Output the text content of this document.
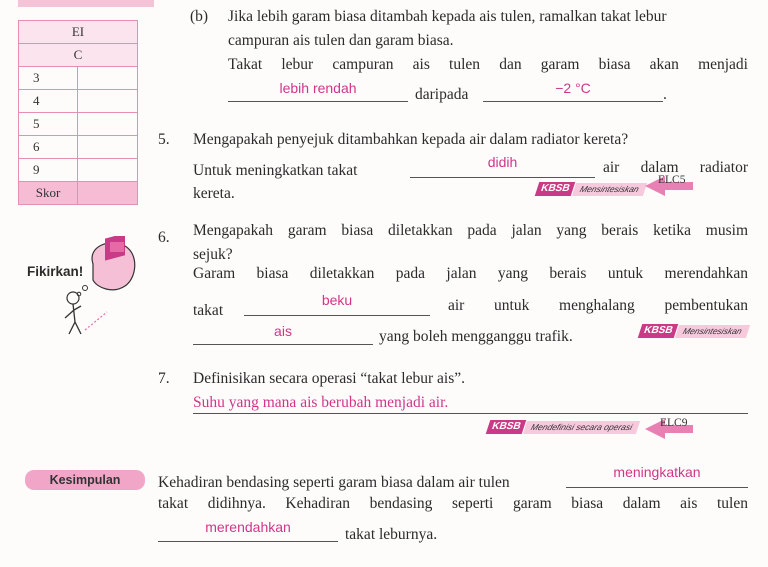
EI	
C	
3	
4	
5	
6	
9	
Skor	
(b) Jika lebih garam biasa ditambah kepada ais tulen, ramalkan takat lebur
campuran ais tulen dan garam biasa.
Takat lebur campuran ais tulen dan garam biasa akan menjadi
lebih rendah	daripada	−2 °C	.
5. Mengapakah penyejuk ditambahkan kepada air dalam radiator kereta?
Untuk meningkatkan takat	didih	air dalam radiator
kereta.	KBSB Mensintesiskan
ELC5
Fikirkan!
6. Mengapakah garam biasa diletakkan pada jalan yang berais ketika musim
sejuk?
Garam biasa diletakkan pada jalan yang berais untuk merendahkan
takat
beku	air untuk menghalang pembentukan
ais	yang boleh mengganggu trafik.	KBSB Mensintesiskan
7. Definisikan secara operasi “takat lebur ais”.
Suhu yang mana ais berubah menjadi air.
KBSB Mendefinisi secara operasi	ELC9
Kesimpulan	Kehadiran bendasing seperti garam biasa dalam air tulen
meningkatkan
takat didihnya. Kehadiran bendasing seperti garam biasa dalam ais tulen
merendahkan	takat leburnya.
